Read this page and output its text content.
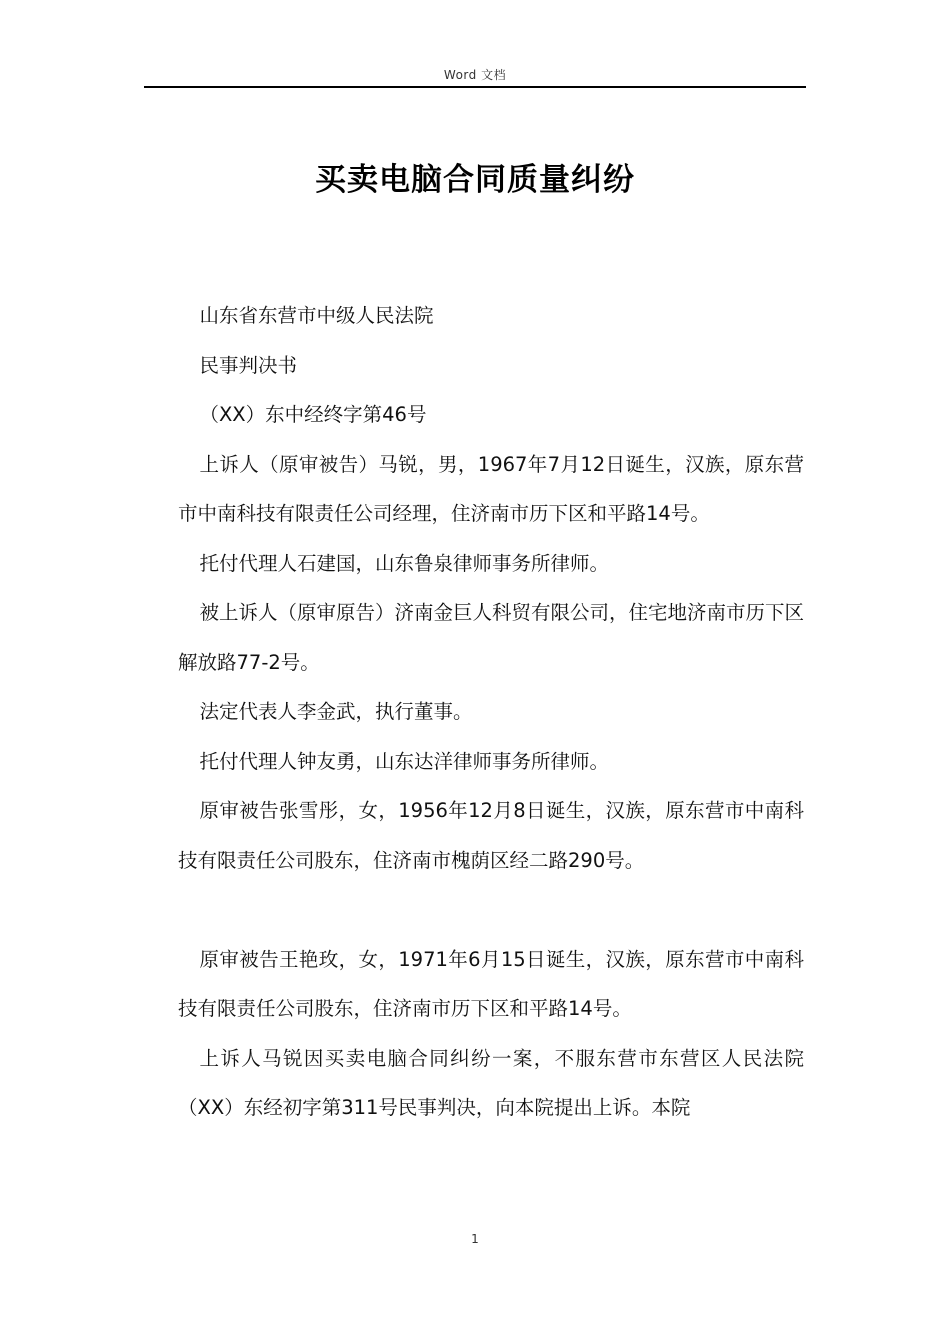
Word 文档
买卖电脑合同质量纠纷

山东省东营市中级人民法院

民事判决书

（XX）东中经终字第46号

上诉人（原审被告）马锐，男，1967年7月12日诞生，汉族，原东营市中南科技有限责任公司经理，住济南市历下区和平路14号。

托付代理人石建国，山东鲁泉律师事务所律师。

被上诉人（原审原告）济南金巨人科贸有限公司，住宅地济南市历下区解放路77-2号。

法定代表人李金武，执行董事。

托付代理人钟友勇，山东达洋律师事务所律师。

原审被告张雪彤，女，1956年12月8日诞生，汉族，原东营市中南科技有限责任公司股东，住济南市槐荫区经二路290号。

原审被告王艳玫，女，1971年6月15日诞生，汉族，原东营市中南科技有限责任公司股东，住济南市历下区和平路14号。

上诉人马锐因买卖电脑合同纠纷一案，不服东营市东营区人民法院（XX）东经初字第311号民事判决，向本院提出上诉。本院

1
